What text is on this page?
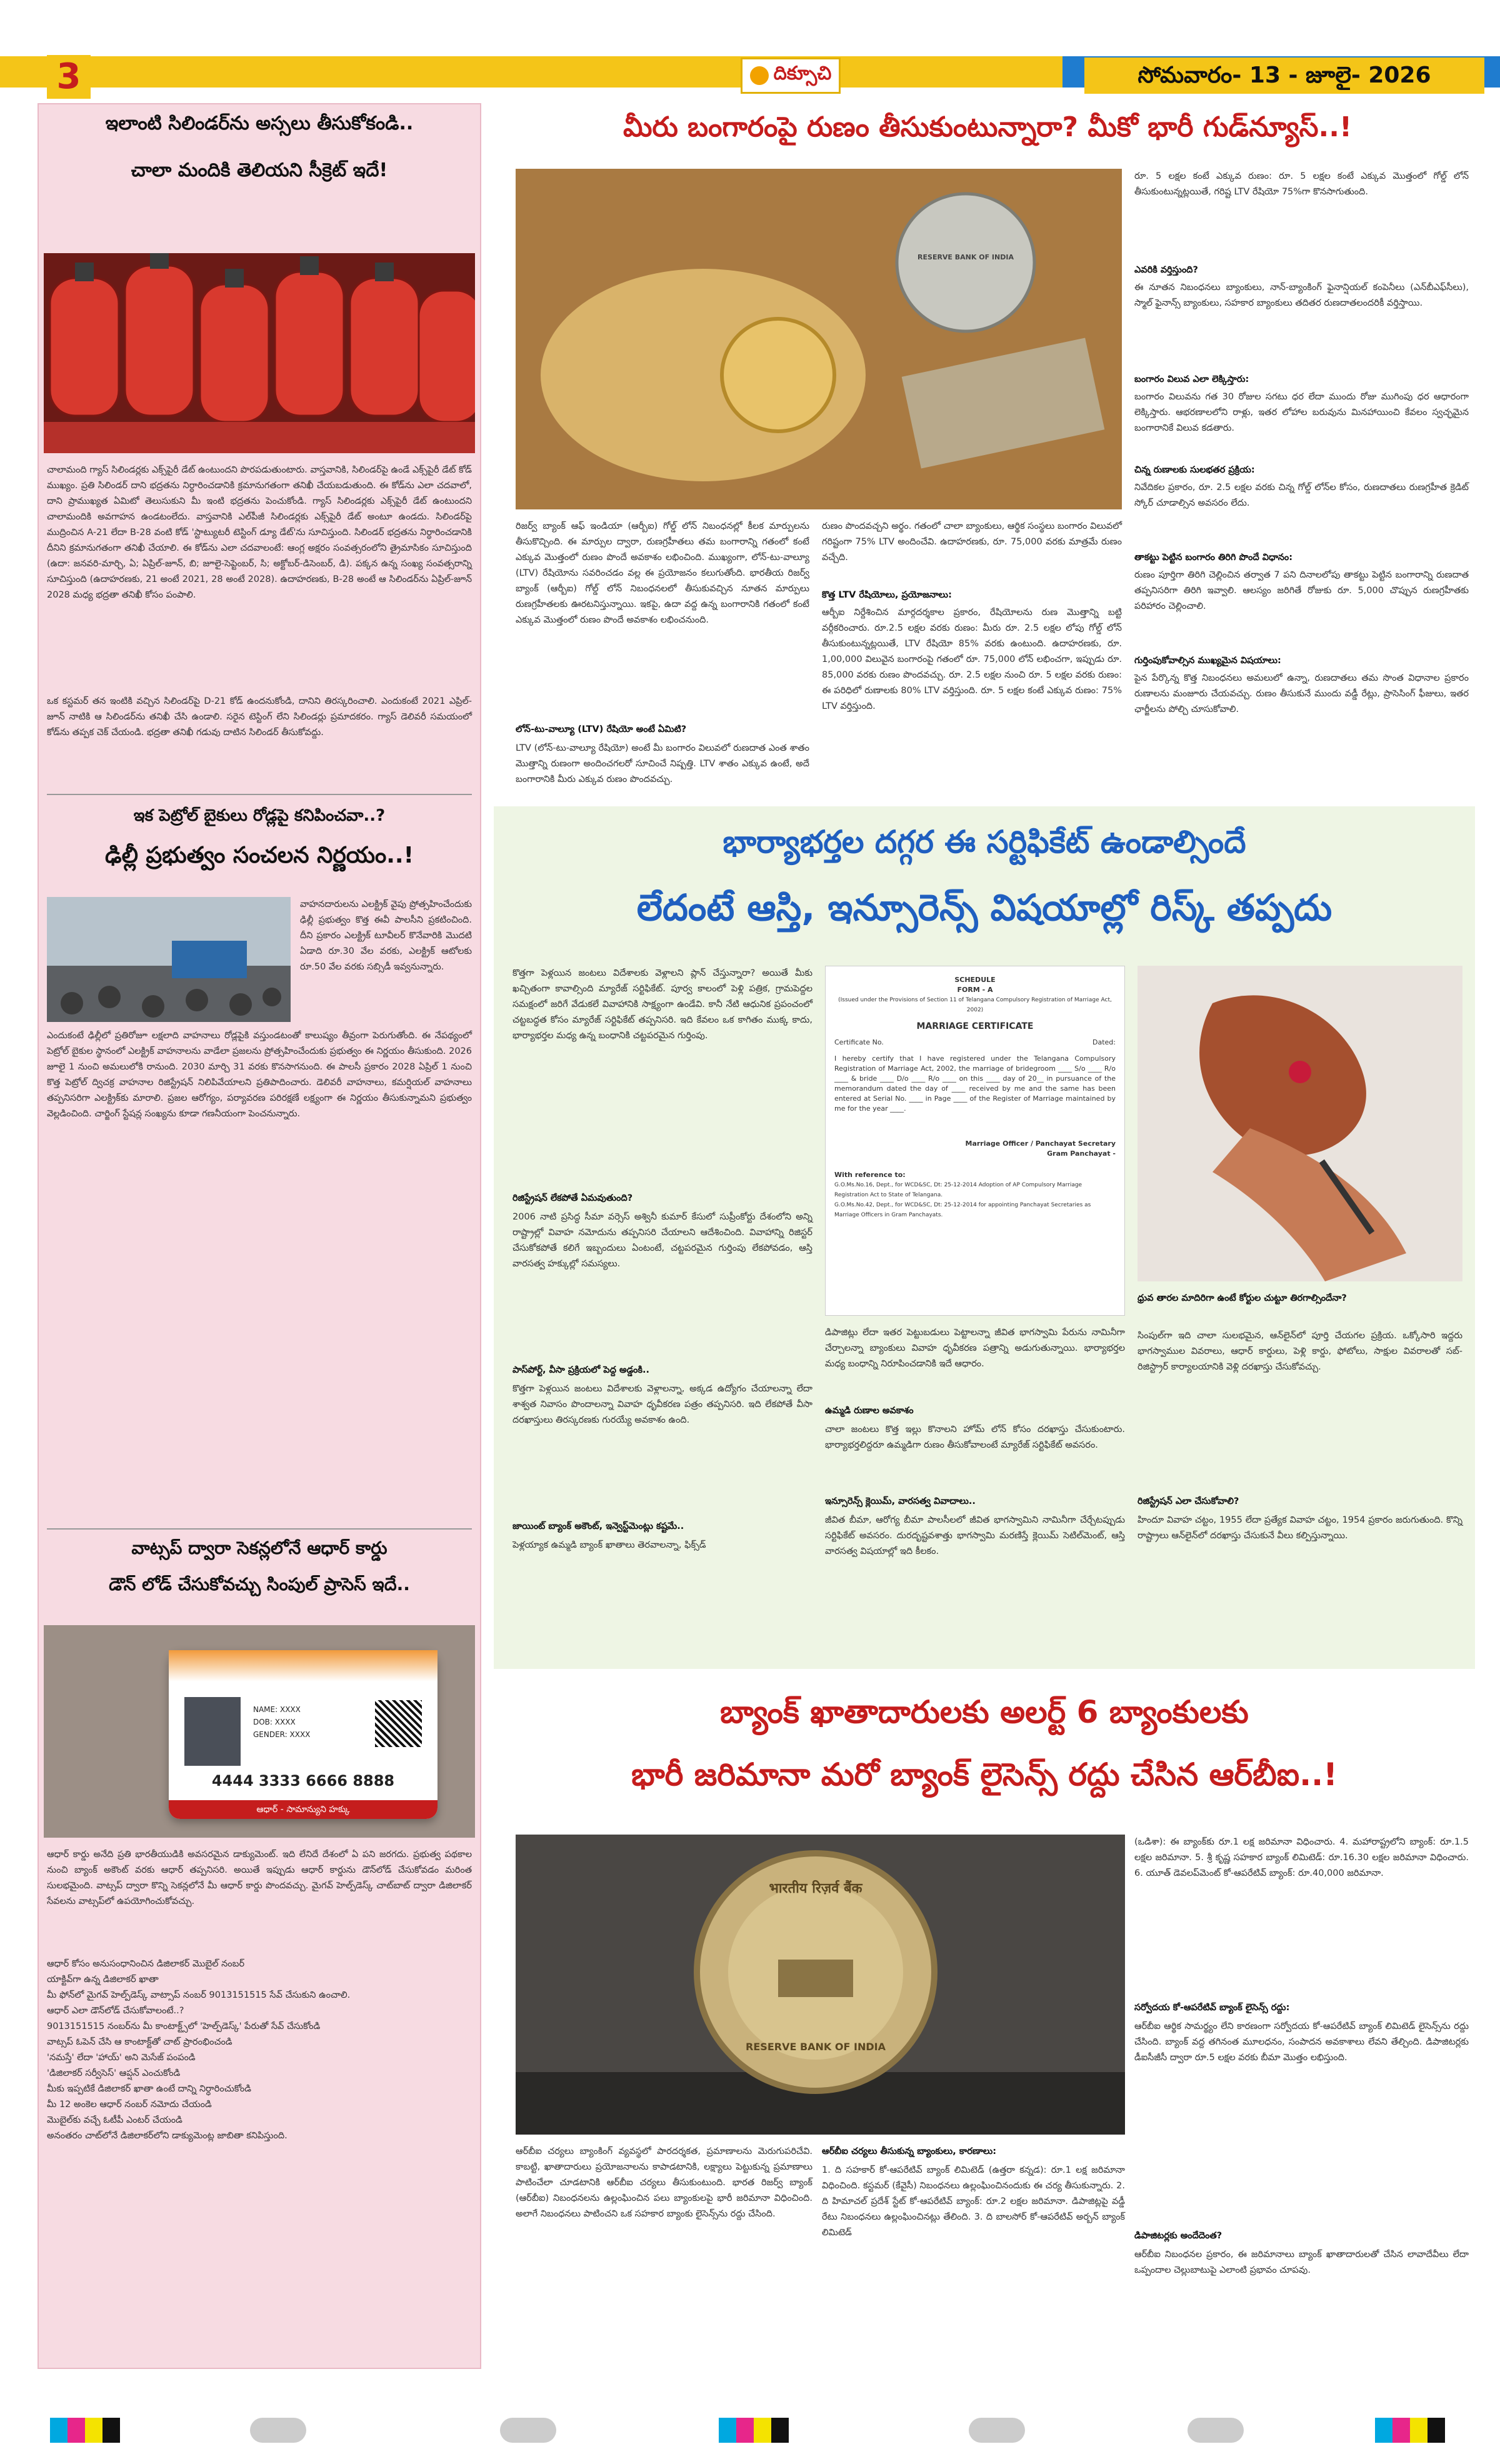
3	దిక్సూచి	సోమవారం- 13 - జూలై- 2026
ఇలాంటి సిలిండర్‌ను అస్సలు తీసుకోకండి..
చాలా మందికి తెలియని సీక్రెట్ ఇదే!
చాలామంది గ్యాస్ సిలిండర్లకు ఎక్స్‌పైరీ డేట్ ఉంటుందని పొరపడుతుంటారు. వాస్తవానికి, సిలిండర్‌పై ఉండే ఎక్స్‌పైరీ డేట్ కోడ్ ముఖ్యం. ప్రతి సిలిండర్ దాని భద్రతను నిర్ధారించడానికి క్రమానుగతంగా తనిఖీ చేయబడుతుంది. ఈ కోడ్‌ను ఎలా చదవాలో, దాని ప్రాముఖ్యత ఏమిటో తెలుసుకుని మీ ఇంటి భద్రతను పెంచుకోండి. గ్యాస్ సిలిండర్లకు ఎక్స్‌పైరీ డేట్ ఉంటుందని చాలామందికి అవగాహన ఉండటంలేదు. వాస్తవానికి ఎల్‌పీజీ సిలిండర్లకు ఎక్స్‌పైరీ డేట్ అంటూ ఉండదు. సిలిండర్‌పై ముద్రించిన A-21 లేదా B-28 వంటి కోడ్ 'స్టాట్యుటరీ టెస్టింగ్ డ్యూ డేట్'ను సూచిస్తుంది. సిలిండర్ భద్రతను నిర్ధారించడానికి దీనిని క్రమానుగతంగా తనిఖీ చేయాలి. ఈ కోడ్‌ను ఎలా చదవాలంటే: ఆంగ్ల అక్షరం సంవత్సరంలోని త్రైమాసికం సూచిస్తుంది (ఉదా: జనవరి-మార్చి, ఏ; ఏప్రిల్-జూన్, బి; జూలై-సెప్టెంబర్, సి; అక్టోబర్-డిసెంబర్, డి). పక్కన ఉన్న సంఖ్య సంవత్సరాన్ని సూచిస్తుంది (ఉదాహరణకు, 21 అంటే 2021, 28 అంటే 2028). ఉదాహరణకు, B-28 అంటే ఆ సిలిండర్‌ను ఏప్రిల్-జూన్ 2028 మధ్య భద్రతా తనిఖీ కోసం పంపాలి.
ఒక కస్టమర్ తన ఇంటికి వచ్చిన సిలిండర్‌పై D-21 కోడ్ ఉందనుకోండి, దానిని తిరస్కరించాలి. ఎందుకంటే 2021 ఎప్రిల్-జూన్ నాటికి ఆ సిలిండర్‌ను తనిఖీ చేసి ఉండాలి. సరైన టెస్టింగ్ లేని సిలిండర్లు ప్రమాదకరం. గ్యాస్ డెలివరీ సమయంలో కోడ్‌ను తప్పక చెక్ చేయండి. భద్రతా తనిఖీ గడువు దాటిన సిలిండర్ తీసుకోవద్దు.
ఇక పెట్రోల్ బైకులు రోడ్లపై కనిపించవా..?
ఢిల్లీ ప్రభుత్వం సంచలన నిర్ణయం..!
వాహనదారులను ఎలక్ట్రిక్ వైపు ప్రోత్సహించేందుకు ఢిల్లీ ప్రభుత్వం కొత్త ఈవీ పాలసీని ప్రకటించింది. దీని ప్రకారం ఎలక్ట్రిక్ టూవీలర్ కొనేవారికి మొదటి ఏడాది రూ.30 వేల వరకు, ఎలక్ట్రిక్ ఆటోలకు రూ.50 వేల వరకు సబ్సిడీ ఇవ్వనున్నారు.
ఎందుకంటే ఢిల్లీలో ప్రతిరోజూ లక్షలాది వాహనాలు రోడ్లపైకి వస్తుండటంతో కాలుష్యం తీవ్రంగా పెరుగుతోంది. ఈ నేపథ్యంలో పెట్రోల్ బైకుల స్థానంలో ఎలక్ట్రిక్ వాహనాలను వాడేలా ప్రజలను ప్రోత్సహించేందుకు ప్రభుత్వం ఈ నిర్ణయం తీసుకుంది. 2026 జూలై 1 నుంచి అమలులోకి రానుంది. 2030 మార్చి 31 వరకు కొనసాగనుంది. ఈ పాలసీ ప్రకారం 2028 ఏప్రిల్ 1 నుంచి కొత్త పెట్రోల్ ద్విచక్ర వాహనాల రిజిస్ట్రేషన్ నిలిపివేయాలని ప్రతిపాదించారు. డెలివరీ వాహనాలు, కమర్షియల్ వాహనాలు తప్పనిసరిగా ఎలక్ట్రిక్‌కు మారాలి. ప్రజల ఆరోగ్యం, పర్యావరణ పరిరక్షణే లక్ష్యంగా ఈ నిర్ణయం తీసుకున్నామని ప్రభుత్వం వెల్లడించింది. చార్జింగ్ స్టేషన్ల సంఖ్యను కూడా గణనీయంగా పెంచనున్నారు.
వాట్సప్ ద్వారా సెకన్లలోనే ఆధార్ కార్డు
డౌన్ లోడ్ చేసుకోవచ్చు సింపుల్ ప్రాసెస్ ఇదే..
NAME: XXXX
DOB: XXXX
GENDER: XXXX
4444 3333 6666 8888
ఆధార్ - సామాన్యుని హక్కు
ఆధార్ కార్డు అనేది ప్రతి భారతీయుడికి అవసరమైన డాక్యుమెంట్. ఇది లేనిదే దేశంలో ఏ పని జరగదు. ప్రభుత్వ పథకాల నుంచి బ్యాంక్ అకౌంట్ వరకు ఆధార్ తప్పనిసరి. అయితే ఇప్పుడు ఆధార్ కార్డును డౌన్‌లోడ్ చేసుకోవడం మరింత సులభమైంది. వాట్సప్ ద్వారా కొన్ని సెకన్లలోనే మీ ఆధార్ కార్డు పొందవచ్చు. మైగవ్ హెల్ప్‌డెస్క్ చాట్‌బాట్ ద్వారా డిజిలాకర్ సేవలను వాట్సప్‌లో ఉపయోగించుకోవచ్చు.
ఆధార్ కోసం అనుసంధానించిన డిజిలాకర్ మొబైల్ నంబర్
యాక్టివ్‌గా ఉన్న డిజిలాకర్ ఖాతా
మీ ఫోన్‌లో మైగవ్ హెల్ప్‌డెస్క్ వాట్సాప్ నంబర్ 9013151515 సేవ్ చేసుకుని ఉంచాలి.
ఆధార్ ఎలా డౌన్‌లోడ్ చేసుకోవాలంటే..?
9013151515 నంబర్‌ను మీ కాంటాక్ట్స్‌లో 'హెల్ప్‌డెస్క్' పేరుతో సేవ్ చేసుకోండి
వాట్సప్ ఓపెన్ చేసి ఆ కాంటాక్ట్‌తో చాట్ ప్రారంభించండి
'నమస్తే' లేదా 'హాయ్' అని మెసేజ్ పంపండి
'డిజిలాకర్ సర్వీసెస్' ఆప్షన్ ఎంచుకోండి
మీకు ఇప్పటికే డిజిలాకర్ ఖాతా ఉంటే దాన్ని నిర్ధారించుకోండి
మీ 12 అంకెల ఆధార్ నంబర్ నమోదు చేయండి
మొబైల్‌కు వచ్చే ఓటీపీ ఎంటర్ చేయండి
అనంతరం చాట్‌లోనే డిజిలాకర్‌లోని డాక్యుమెంట్ల జాబితా కనిపిస్తుంది.
మీరు బంగారంపై రుణం తీసుకుంటున్నారా? మీకో భారీ గుడ్‌న్యూస్..!
RESERVE BANK OF INDIA
రూ. 5 లక్షల కంటే ఎక్కువ రుణం: రూ. 5 లక్షల కంటే ఎక్కువ మొత్తంలో గోల్డ్ లోన్ తీసుకుంటున్నట్లయితే, గరిష్ట LTV రేషియో 75%గా కొనసాగుతుంది.
ఎవరికి వర్తిస్తుంది?
ఈ నూతన నిబంధనలు బ్యాంకులు, నాన్-బ్యాంకింగ్ ఫైనాన్షియల్ కంపెనీలు (ఎన్‌బీఎఫ్‌సీలు), స్మాల్ ఫైనాన్స్ బ్యాంకులు, సహకార బ్యాంకులు తదితర రుణదాతలందరికీ వర్తిస్తాయి.
బంగారం విలువ ఎలా లెక్కిస్తారు:
బంగారం విలువను గత 30 రోజుల సగటు ధర లేదా ముందు రోజు ముగింపు ధర ఆధారంగా లెక్కిస్తారు. ఆభరణాలలోని రాళ్లు, ఇతర లోహాల బరువును మినహాయించి కేవలం స్వచ్ఛమైన బంగారానికే విలువ కడతారు.
చిన్న రుణాలకు సులభతర ప్రక్రియ:
నివేదికల ప్రకారం, రూ. 2.5 లక్షల వరకు చిన్న గోల్డ్ లోన్‌ల కోసం, రుణదాతలు రుణగ్రహీత క్రెడిట్ స్కోర్ చూడాల్సిన అవసరం లేదు.
తాకట్టు పెట్టిన బంగారం తిరిగి పొందే విధానం:
రుణం పూర్తిగా తిరిగి చెల్లించిన తర్వాత 7 పని దినాలలోపు తాకట్టు పెట్టిన బంగారాన్ని రుణదాత తప్పనిసరిగా తిరిగి ఇవ్వాలి. ఆలస్యం జరిగితే రోజుకు రూ. 5,000 చొప్పున రుణగ్రహీతకు పరిహారం చెల్లించాలి.
గుర్తింపుకోవాల్సిన ముఖ్యమైన విషయాలు:
పైన పేర్కొన్న కొత్త నిబంధనలు అమలులో ఉన్నా, రుణదాతలు తమ సొంత విధానాల ప్రకారం రుణాలను మంజూరు చేయవచ్చు. రుణం తీసుకునే ముందు వడ్డీ రేట్లు, ప్రాసెసింగ్ ఫీజులు, ఇతర ఛార్జీలను పోల్చి చూసుకోవాలి.
రిజర్వ్ బ్యాంక్ ఆఫ్ ఇండియా (ఆర్బీఐ) గోల్డ్ లోన్ నిబంధనల్లో కీలక మార్పులను తీసుకొచ్చింది. ఈ మార్పుల ద్వారా, రుణగ్రహీతలు తమ బంగారాన్ని గతంలో కంటే ఎక్కువ మొత్తంలో రుణం పొందే అవకాశం లభించింది. ముఖ్యంగా, లోన్-టు-వాల్యూ (LTV) రేషియోను సవరించడం వల్ల ఈ ప్రయోజనం కలుగుతోంది. భారతీయ రిజర్వ్ బ్యాంక్ (ఆర్బీఐ) గోల్డ్ లోన్ నిబంధనలలో తీసుకువచ్చిన నూతన మార్పులు రుణగ్రహీతలకు ఊరటనిస్తున్నాయి. ఇకపై, ఉదా వద్ద ఉన్న బంగారానికి గతంలో కంటే ఎక్కువ మొత్తంలో రుణం పొందే అవకాశం లభించనుంది.
లోన్-టు-వాల్యూ (LTV) రేషియో అంటే ఏమిటి?
LTV (లోన్-టు-వాల్యూ రేషియో) అంటే మీ బంగారం విలువలో రుణదాత ఎంత శాతం మొత్తాన్ని రుణంగా అందించగలరో సూచించే నిష్పత్తి. LTV శాతం ఎక్కువ ఉంటే, అదే బంగారానికి మీరు ఎక్కువ రుణం పొందవచ్చు.
రుణం పొందవచ్చని అర్థం. గతంలో చాలా బ్యాంకులు, ఆర్థిక సంస్థలు బంగారం విలువలో గరిష్టంగా 75% LTV అందించేవి. ఉదాహరణకు, రూ. 75,000 వరకు మాత్రమే రుణం వచ్చేది.
కొత్త LTV రేషియోలు, ప్రయోజనాలు:
ఆర్బీఐ నిర్దేశించిన మార్గదర్శకాల ప్రకారం, రేషియోలను రుణ మొత్తాన్ని బట్టి వర్గీకరించారు. రూ.2.5 లక్షల వరకు రుణం: మీరు రూ. 2.5 లక్షల లోపు గోల్డ్ లోన్ తీసుకుంటున్నట్లయితే, LTV రేషియో 85% వరకు ఉంటుంది. ఉదాహరణకు, రూ. 1,00,000 విలువైన బంగారంపై గతంలో రూ. 75,000 లోన్ లభించగా, ఇప్పుడు రూ. 85,000 వరకు రుణం పొందవచ్చు. రూ. 2.5 లక్షల నుంచి రూ. 5 లక్షల వరకు రుణం: ఈ పరిధిలో రుణాలకు 80% LTV వర్తిస్తుంది. రూ. 5 లక్షల కంటే ఎక్కువ రుణం: 75% LTV వర్తిస్తుంది.
భార్యాభర్తల దగ్గర ఈ సర్టిఫికేట్ ఉండాల్సిందే
లేదంటే ఆస్తి, ఇన్సూరెన్స్ విషయాల్లో రిస్క్ తప్పదు
కొత్తగా పెళ్లయిన జంటలు విదేశాలకు వెళ్లాలని ప్లాన్ చేస్తున్నారా? అయితే మీకు ఖచ్చితంగా కావాల్సింది మ్యారేజ్ సర్టిఫికేట్. పూర్వ కాలంలో పెళ్లి పత్రిక, గ్రామపెద్దల సమక్షంలో జరిగే వేడుకలే వివాహానికి సాక్ష్యంగా ఉండేవి. కానీ నేటి ఆధునిక ప్రపంచంలో చట్టబద్ధత కోసం మ్యారేజ్ సర్టిఫికేట్ తప్పనిసరి. ఇది కేవలం ఒక కాగితం ముక్క కాదు, భార్యాభర్తల మధ్య ఉన్న బంధానికి చట్టపరమైన గుర్తింపు.
రిజిస్ట్రేషన్ లేకపోతే ఏమవుతుంది?
2006 నాటి ప్రసిద్ధ సీమా వర్సెస్ అశ్వినీ కుమార్ కేసులో సుప్రీంకోర్టు దేశంలోని అన్ని రాష్ట్రాల్లో వివాహ నమోదును తప్పనిసరి చేయాలని ఆదేశించింది. వివాహాన్ని రిజిస్టర్ చేసుకోకపోతే కలిగే ఇబ్బందులు ఏంటంటే, చట్టపరమైన గుర్తింపు లేకపోవడం, ఆస్తి వారసత్వ హక్కుల్లో సమస్యలు.
పాస్‌పోర్ట్, వీసా ప్రక్రియలో పెద్ద అడ్డంకి..
కొత్తగా పెళ్లయిన జంటలు విదేశాలకు వెళ్లాలన్నా, అక్కడ ఉద్యోగం చేయాలన్నా లేదా శాశ్వత నివాసం పొందాలన్నా వివాహ ధృవీకరణ పత్రం తప్పనిసరి. ఇది లేకపోతే వీసా దరఖాస్తులు తిరస్కరణకు గురయ్యే అవకాశం ఉంది.
జాయింట్ బ్యాంక్ అకౌంట్, ఇన్వెస్ట్‌మెంట్లు కష్టమే..
పెళ్లయ్యాక ఉమ్మడి బ్యాంక్ ఖాతాలు తెరవాలన్నా, ఫిక్స్‌డ్
SCHEDULE
FORM - A
(Issued under the Provisions of Section 11 of Telangana Compulsory Registration of Marriage Act, 2002)
MARRIAGE CERTIFICATE
Certificate No.	Dated:
I hereby certify that I have registered under the Telangana Compulsory Registration of Marriage Act, 2002, the marriage of bridegroom ____ S/o ____ R/o ____ & bride ____ D/o ____ R/o ____ on this ____ day of 20__ in pursuance of the memorandum dated the day of ____ received by me and the same has been entered at Serial No. ____ in Page ____ of the Register of Marriage maintained by me for the year ____.
Marriage Officer / Panchayat Secretary
Gram Panchayat -
With reference to:
G.O.Ms.No.16, Dept., for WCD&SC, Dt: 25-12-2014 Adoption of AP Compulsory Marriage Registration Act to State of Telangana.
G.O.Ms.No.42, Dept., for WCD&SC, Dt: 25-12-2014 for appointing Panchayat Secretaries as Marriage Officers in Gram Panchayats.
డిపాజిట్లు లేదా ఇతర పెట్టుబడులు పెట్టాలన్నా జీవిత భాగస్వామి పేరును నామినీగా చేర్చాలన్నా బ్యాంకులు వివాహ ధృవీకరణ పత్రాన్ని అడుగుతున్నాయి. భార్యాభర్తల మధ్య బంధాన్ని నిరూపించడానికి ఇదే ఆధారం.
ఉమ్మడి రుణాల అవకాశం
చాలా జంటలు కొత్త ఇల్లు కొనాలని హోమ్ లోన్ కోసం దరఖాస్తు చేసుకుంటారు. భార్యాభర్తలిద్దరూ ఉమ్మడిగా రుణం తీసుకోవాలంటే మ్యారేజ్ సర్టిఫికేట్ అవసరం.
ఇన్సూరెన్స్ క్లెయిమ్, వారసత్వ వివాదాలు..
జీవిత బీమా, ఆరోగ్య బీమా పాలసీలలో జీవిత భాగస్వామిని నామినీగా చేర్చేటప్పుడు సర్టిఫికేట్ అవసరం. దురదృష్టవశాత్తు భాగస్వామి మరణిస్తే క్లెయిమ్ సెటిల్‌మెంట్, ఆస్తి వారసత్వ విషయాల్లో ఇది కీలకం.
ధ్రువ తారల మాదిరిగా ఉంటే కోర్టుల చుట్టూ తిరగాల్సిందేనా?
సింపుల్‌గా ఇది చాలా సులభమైన, ఆన్‌లైన్‌లో పూర్తి చేయగల ప్రక్రియ. ఒక్కోసారి ఇద్దరు భాగస్వాముల వివరాలు, ఆధార్ కార్డులు, పెళ్లి కార్డు, ఫోటోలు, సాక్షుల వివరాలతో సబ్-రిజిస్ట్రార్ కార్యాలయానికి వెళ్లి దరఖాస్తు చేసుకోవచ్చు.
రిజిస్ట్రేషన్ ఎలా చేసుకోవాలి?
హిందూ వివాహ చట్టం, 1955 లేదా ప్రత్యేక వివాహ చట్టం, 1954 ప్రకారం జరుగుతుంది. కొన్ని రాష్ట్రాలు ఆన్‌లైన్‌లో దరఖాస్తు చేసుకునే వీలు కల్పిస్తున్నాయి.
బ్యాంక్ ఖాతాదారులకు అలర్ట్ 6 బ్యాంకులకు
భారీ జరిమానా మరో బ్యాంక్ లైసెన్స్ రద్దు చేసిన ఆర్‌బీఐ..!
भारतीय रिज़र्व बैंक
RESERVE BANK OF INDIA
ఆర్‌బీఐ చర్యలు బ్యాంకింగ్ వ్యవస్థలో పారదర్శకత, ప్రమాణాలను మెరుగుపరిచేవి. కాబట్టి, ఖాతాదారులు ప్రయోజనాలను కాపాడటానికి, లక్ష్యాలు పెట్టుకున్న ప్రమాణాలు పాటించేలా చూడటానికి ఆర్‌బీఐ చర్యలు తీసుకుంటుంది. భారత రిజర్వ్ బ్యాంక్ (ఆర్‌బీఐ) నిబంధనలను ఉల్లంఘించిన పలు బ్యాంకులపై భారీ జరిమానా విధించింది. అలాగే నిబంధనలు పాటించని ఒక సహకార బ్యాంకు లైసెన్స్‌ను రద్దు చేసింది.
ఆర్‌బీఐ చర్యలు తీసుకున్న బ్యాంకులు, కారణాలు:
1. ది సహకార్ కో-ఆపరేటివ్ బ్యాంక్ లిమిటెడ్ (ఉత్తరా కన్నడ): రూ.1 లక్ష జరిమానా విధించింది. కస్టమర్ (కేవైసీ) నిబంధనలు ఉల్లంఘించినందుకు ఈ చర్య తీసుకున్నారు. 2. ది హిమాచల్ ప్రదేశ్ స్టేట్ కో-ఆపరేటివ్ బ్యాంక్: రూ.2 లక్షల జరిమానా. డిపాజిట్లపై వడ్డీ రేటు నిబంధనలు ఉల్లంఘించినట్లు తేలింది. 3. ది బాలసోర్ కో-ఆపరేటివ్ అర్బన్ బ్యాంక్ లిమిటెడ్
(ఒడిశా): ఈ బ్యాంక్‌కు రూ.1 లక్ష జరిమానా విధించారు. 4. మహారాష్ట్రలోని బ్యాంక్: రూ.1.5 లక్షల జరిమానా. 5. శ్రీ కృష్ణ సహకార బ్యాంక్ లిమిటెడ్: రూ.16.30 లక్షల జరిమానా విధించారు. 6. యూత్ డెవలప్‌మెంట్ కో-ఆపరేటివ్ బ్యాంక్: రూ.40,000 జరిమానా.
సర్వోదయ కో-ఆపరేటివ్ బ్యాంక్ లైసెన్స్ రద్దు:
ఆర్‌బీఐ ఆర్థిక సామర్థ్యం లేని కారణంగా సర్వోదయ కో-ఆపరేటివ్ బ్యాంక్ లిమిటెడ్ లైసెన్స్‌ను రద్దు చేసింది. బ్యాంక్ వద్ద తగినంత మూలధనం, సంపాదన అవకాశాలు లేవని తేల్చింది. డిపాజిటర్లకు డీఐసీజీసీ ద్వారా రూ.5 లక్షల వరకు బీమా మొత్తం లభిస్తుంది.
డిపాజిటర్లకు అందేదెంత?
ఆర్‌బీఐ నిబంధనల ప్రకారం, ఈ జరిమానాలు బ్యాంక్ ఖాతాదారులతో చేసిన లావాదేవీలు లేదా ఒప్పందాల చెల్లుబాటుపై ఎలాంటి ప్రభావం చూపవు.
